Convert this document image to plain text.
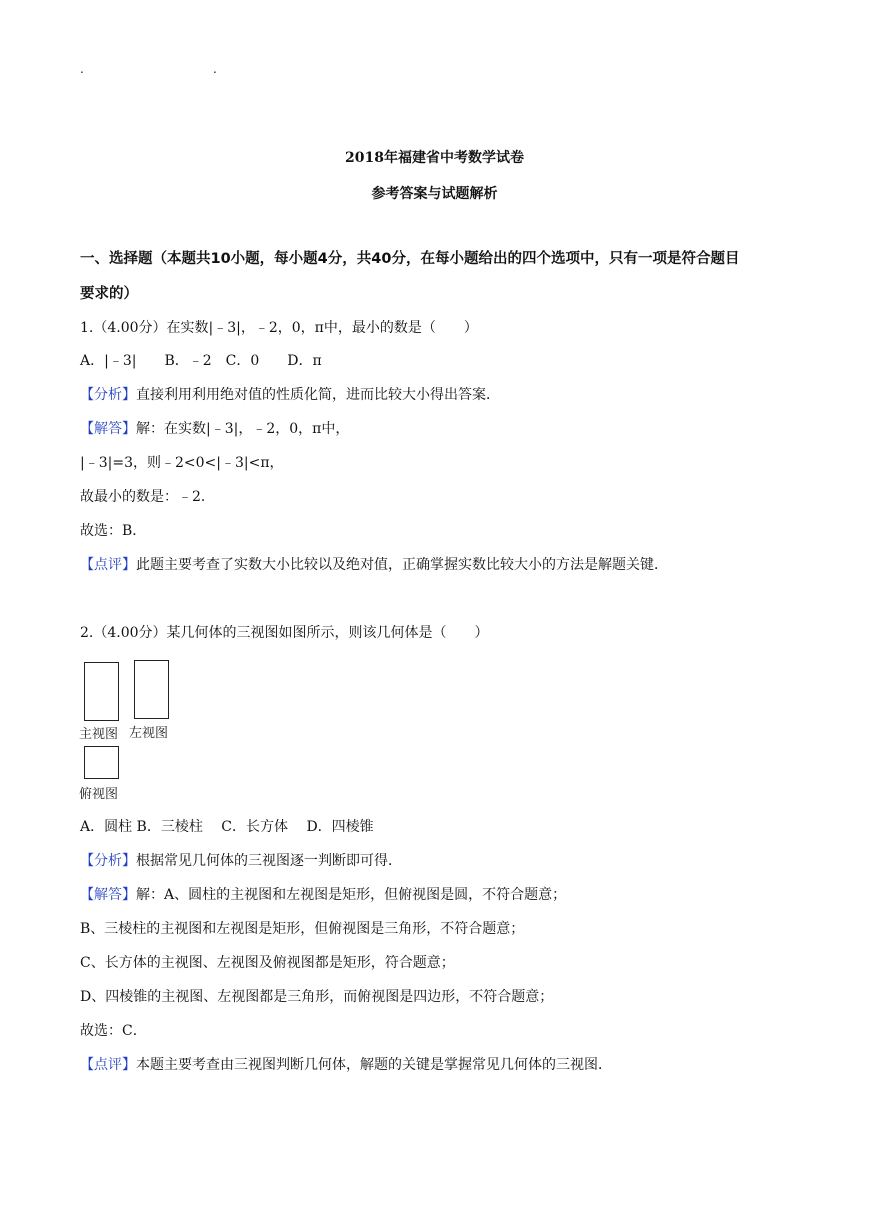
.	.
2018年福建省中考数学试卷
参考答案与试题解析
一、选择题（本题共10小题，每小题4分，共40分，在每小题给出的四个选项中，只有一项是符合题目
要求的）
1.（4.00分）在实数|﹣3|，﹣2，0，π中，最小的数是（　　）
A．|﹣3|　　B．﹣2　C．0　　D．π
【分析】直接利用利用绝对值的性质化简，进而比较大小得出答案．
【解答】解：在实数|﹣3|，﹣2，0，π中，
|﹣3|=3，则﹣2<0<|﹣3|<π，
故最小的数是：﹣2．
故选：B．
【点评】此题主要考查了实数大小比较以及绝对值，正确掌握实数比较大小的方法是解题关键．
2.（4.00分）某几何体的三视图如图所示，则该几何体是（　　）
主视图 左视图
俯视图
A．圆柱 B．三棱柱　 C．长方体　 D．四棱锥
【分析】根据常见几何体的三视图逐一判断即可得．
【解答】解：A、圆柱的主视图和左视图是矩形，但俯视图是圆，不符合题意；
B、三棱柱的主视图和左视图是矩形，但俯视图是三角形，不符合题意；
C、长方体的主视图、左视图及俯视图都是矩形，符合题意；
D、四棱锥的主视图、左视图都是三角形，而俯视图是四边形，不符合题意；
故选：C．
【点评】本题主要考查由三视图判断几何体，解题的关键是掌握常见几何体的三视图．
